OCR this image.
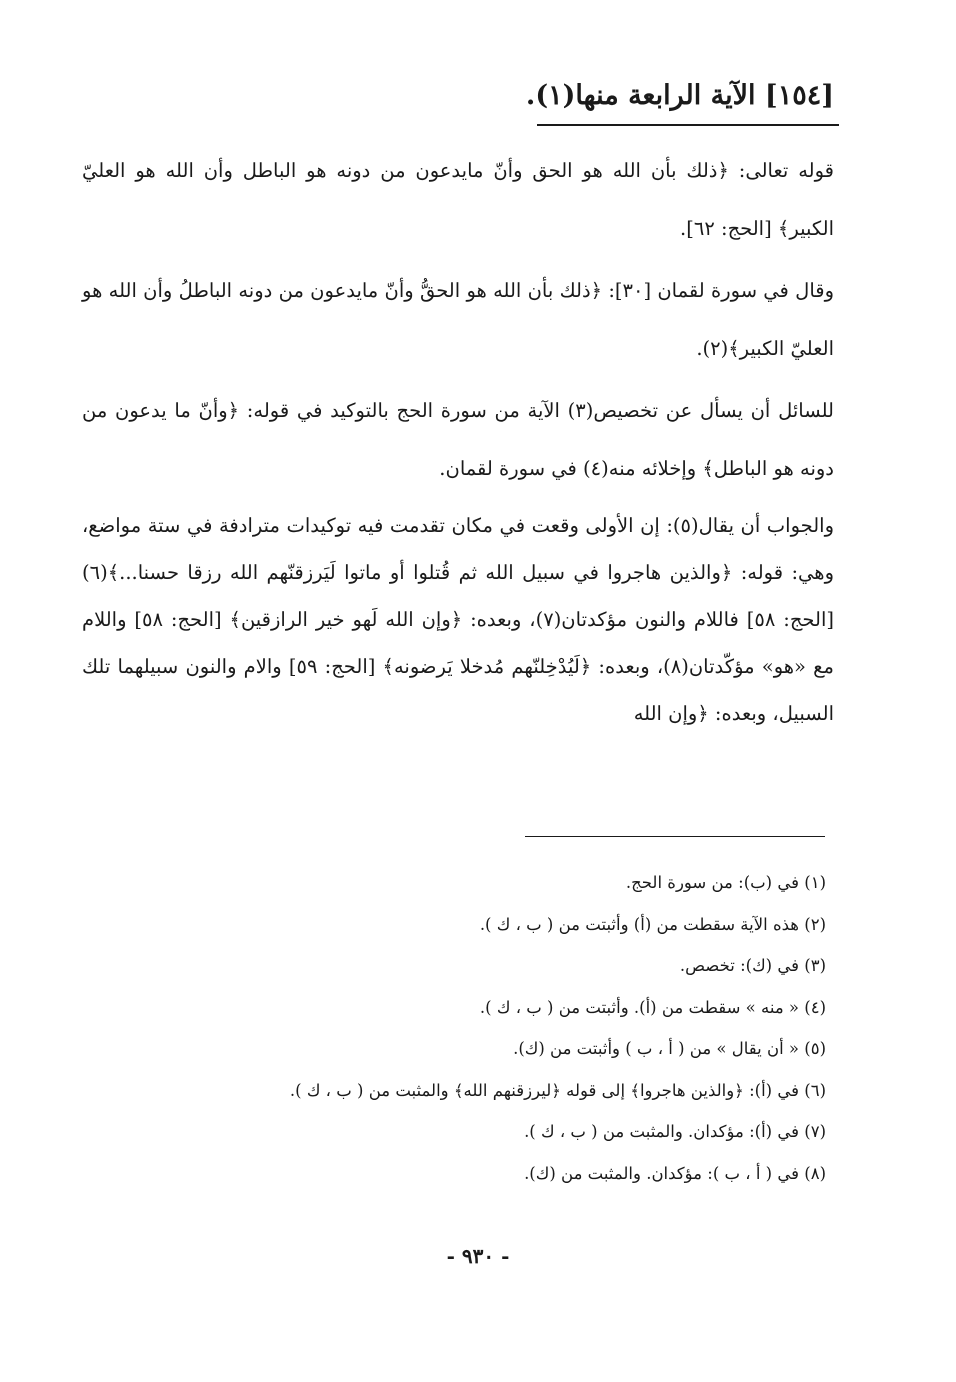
[١٥٤] الآية الرابعة منها(١).

قوله تعالى: ﴿ذلك بأن الله هو الحق وأنّ مايدعون من دونه هو الباطل وأن الله هو العليّ الكبير﴾ [الحج: ٦٢].

وقال في سورة لقمان [٣٠]: ﴿ذلك بأن الله هو الحقُّ وأنّ مايدعون من دونه الباطلُ وأن الله هو العليّ الكبير﴾(٢).

للسائل أن يسأل عن تخصيص(٣) الآية من سورة الحج بالتوكيد في قوله: ﴿وأنّ ما يدعون من دونه هو الباطل﴾ وإخلائه منه(٤) في سورة لقمان.

والجواب أن يقال(٥): إن الأولى وقعت في مكان تقدمت فيه توكيدات مترادفة في ستة مواضع، وهي: قوله: ﴿والذين هاجروا في سبيل الله ثم قُتلوا أو ماتوا لَيَرزقنّهم الله رزقا حسنا...﴾(٦) [الحج: ٥٨] فاللام والنون مؤكدتان(٧)، وبعده: ﴿وإن الله لَهو خير الرازقين﴾ [الحج: ٥٨] واللام مع «هو» مؤكّدتان(٨)، وبعده: ﴿لَيُدْخِلنّهم مُدخلا يَرضونه﴾ [الحج: ٥٩] والام والنون سبيلهما تلك السبيل، وبعده: ﴿وإن الله

(١) في (ب): من سورة الحج.
(٢) هذه الآية سقطت من (أ) وأثبتت من ( ب ، ك ).
(٣) في (ك): تخصص.
(٤) « منه » سقطت من (أ). وأثبتت من ( ب ، ك ).
(٥) « أن يقال » من ( أ ، ب ) وأثبتت من (ك).
(٦) في (أ): ﴿والذين هاجروا﴾ إلى قوله ﴿ليرزقنهم الله﴾ والمثبت من ( ب ، ك ).
(٧) في (أ): مؤكدان. والمثبت من ( ب ، ك ).
(٨) في ( أ ، ب ): مؤكدان. والمثبت من (ك).
- ٩٣٠ -
